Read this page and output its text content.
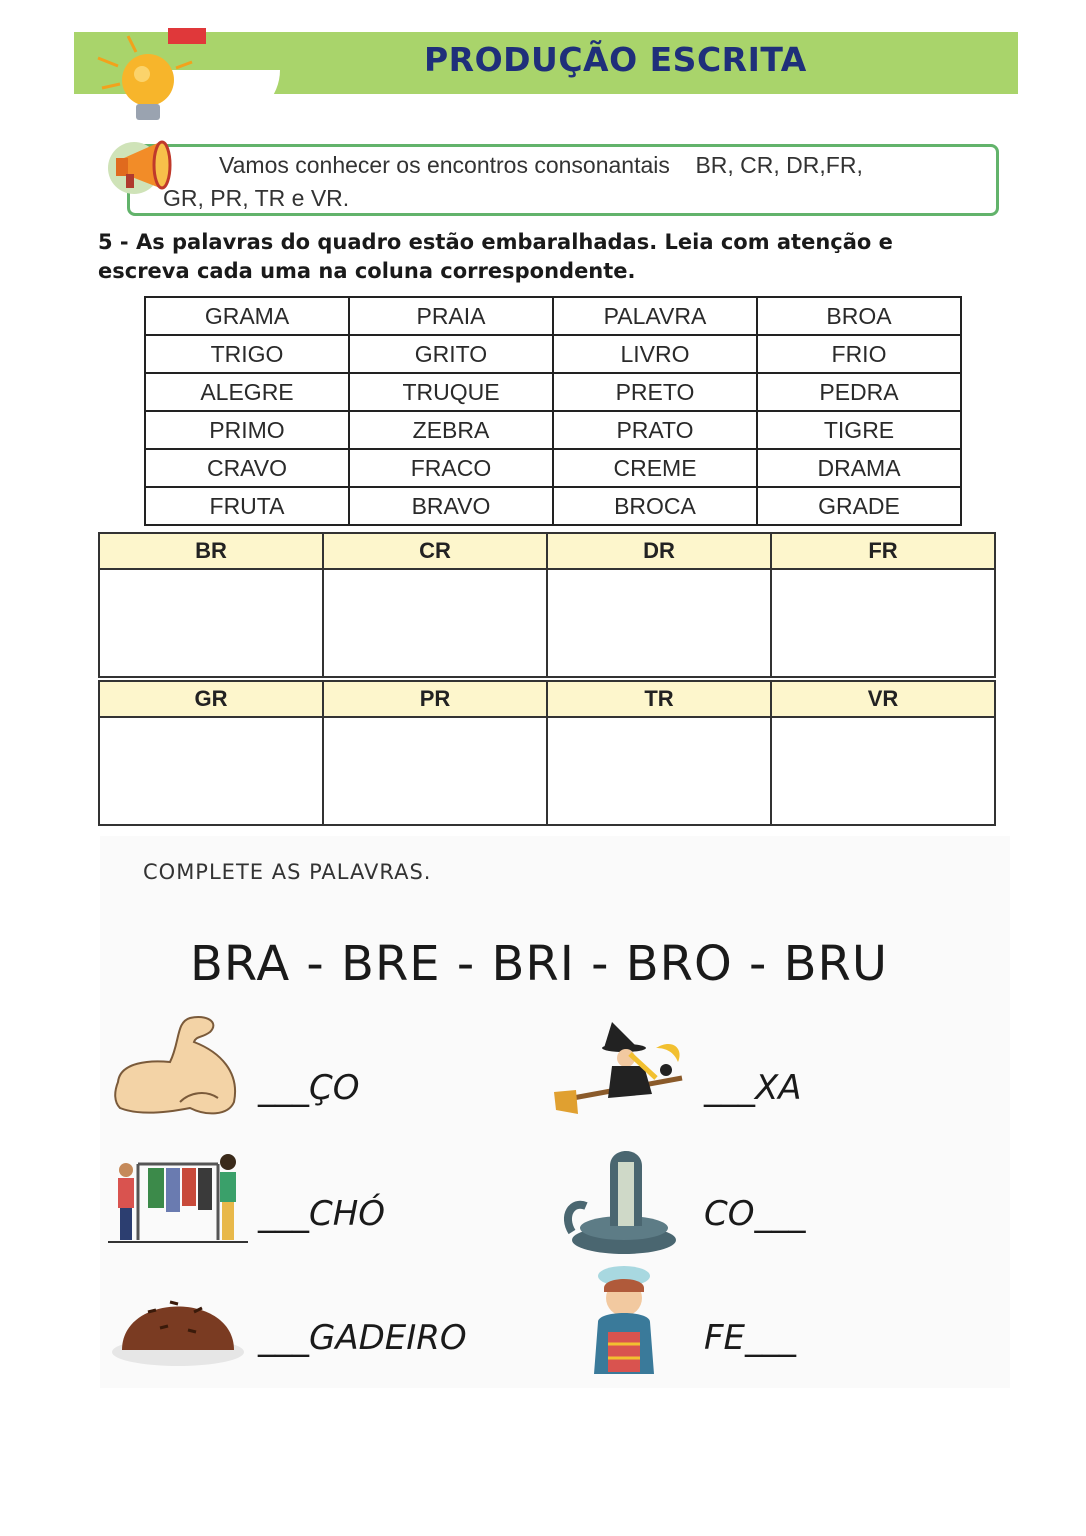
PRODUÇÃO ESCRITA
Vamos conhecer os encontros consonantais    BR, CR, DR,FR,
GR, PR, TR e VR.
5 - As palavras do quadro estão embaralhadas. Leia com atenção e
escreva cada uma na coluna correspondente.
GRAMA	PRAIA	PALAVRA	BROA
TRIGO	GRITO	LIVRO	FRIO
ALEGRE	TRUQUE	PRETO	PEDRA
PRIMO	ZEBRA	PRATO	TIGRE
CRAVO	FRACO	CREME	DRAMA
FRUTA	BRAVO	BROCA	GRADE
BR	CR	DR	FR
GR	PR	TR	VR
COMPLETE AS PALAVRAS.
BRA - BRE - BRI - BRO - BRU
___ÇO	___XA
___CHÓ	CO___
___GADEIRO	FE___
